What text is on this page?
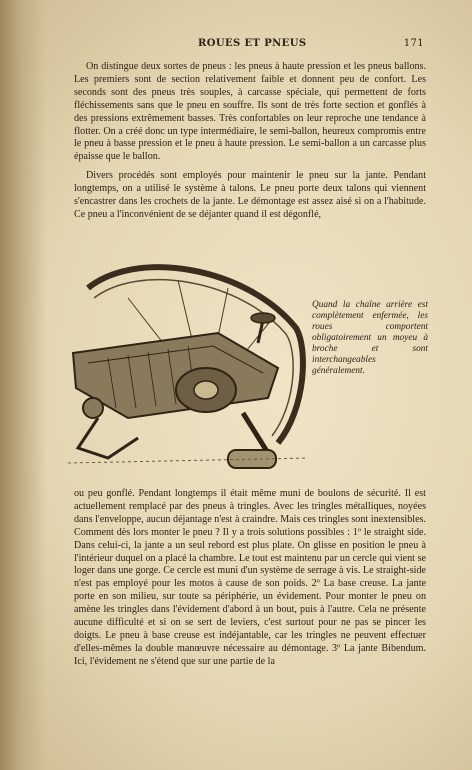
ROUES ET PNEUS	171

On distingue deux sortes de pneus : les pneus à haute pression et les pneus ballons. Les premiers sont de section relativement faible et donnent peu de confort. Les seconds sont des pneus très souples, à carcasse spéciale, qui permettent de forts fléchissements sans que le pneu en souffre. Ils sont de très forte section et gonflés à des pressions extrêmement basses. Très confortables on leur reproche une tendance à flotter. On a créé donc un type intermédiaire, le semi-ballon, heureux compromis entre le pneu à basse pression et le pneu à haute pression. Le semi-ballon a un carcasse plus épaisse que le ballon.

Divers procédés sont employés pour maintenir le pneu sur la jante. Pendant longtemps, on a utilisé le système à talons. Le pneu porte deux talons qui viennent s'encastrer dans les crochets de la jante. Le démontage est assez aisé si on a l'habitude. Ce pneu a l'inconvénient de se déjanter quand il est dégonflé,

Quand la chaîne arrière est complètement enfermée, les roues comportent obligatoirement un moyeu à broche et sont interchangeables généralement.

ou peu gonflé. Pendant longtemps il était même muni de boulons de sécurité. Il est actuellement remplacé par des pneus à tringles. Avec les tringles métalliques, noyées dans l'enveloppe, aucun déjantage n'est à craindre. Mais ces tringles sont inextensibles. Comment dès lors monter le pneu ? Il y a trois solutions possibles : 1º le straight side. Dans celui-ci, la jante a un seul rebord est plus plate. On glisse en position le pneu à l'intérieur duquel on a placé la chambre. Le tout est maintenu par un cercle qui vient se loger dans une gorge. Ce cercle est muni d'un système de serrage à vis. Le straight-side n'est pas employé pour les motos à cause de son poids. 2º La base creuse. La jante porte en son milieu, sur toute sa périphérie, un évidement. Pour monter le pneu on amène les tringles dans l'évidement d'abord à un bout, puis à l'autre. Cela ne présente aucune difficulté et si on se sert de leviers, c'est surtout pour ne pas se pincer les doigts. Le pneu à base creuse est indéjantable, car les tringles ne peuvent effectuer d'elles-mêmes la double manœuvre nécessaire au démontage. 3º La jante Bibendum. Ici, l'évidement ne s'étend que sur une partie de la
